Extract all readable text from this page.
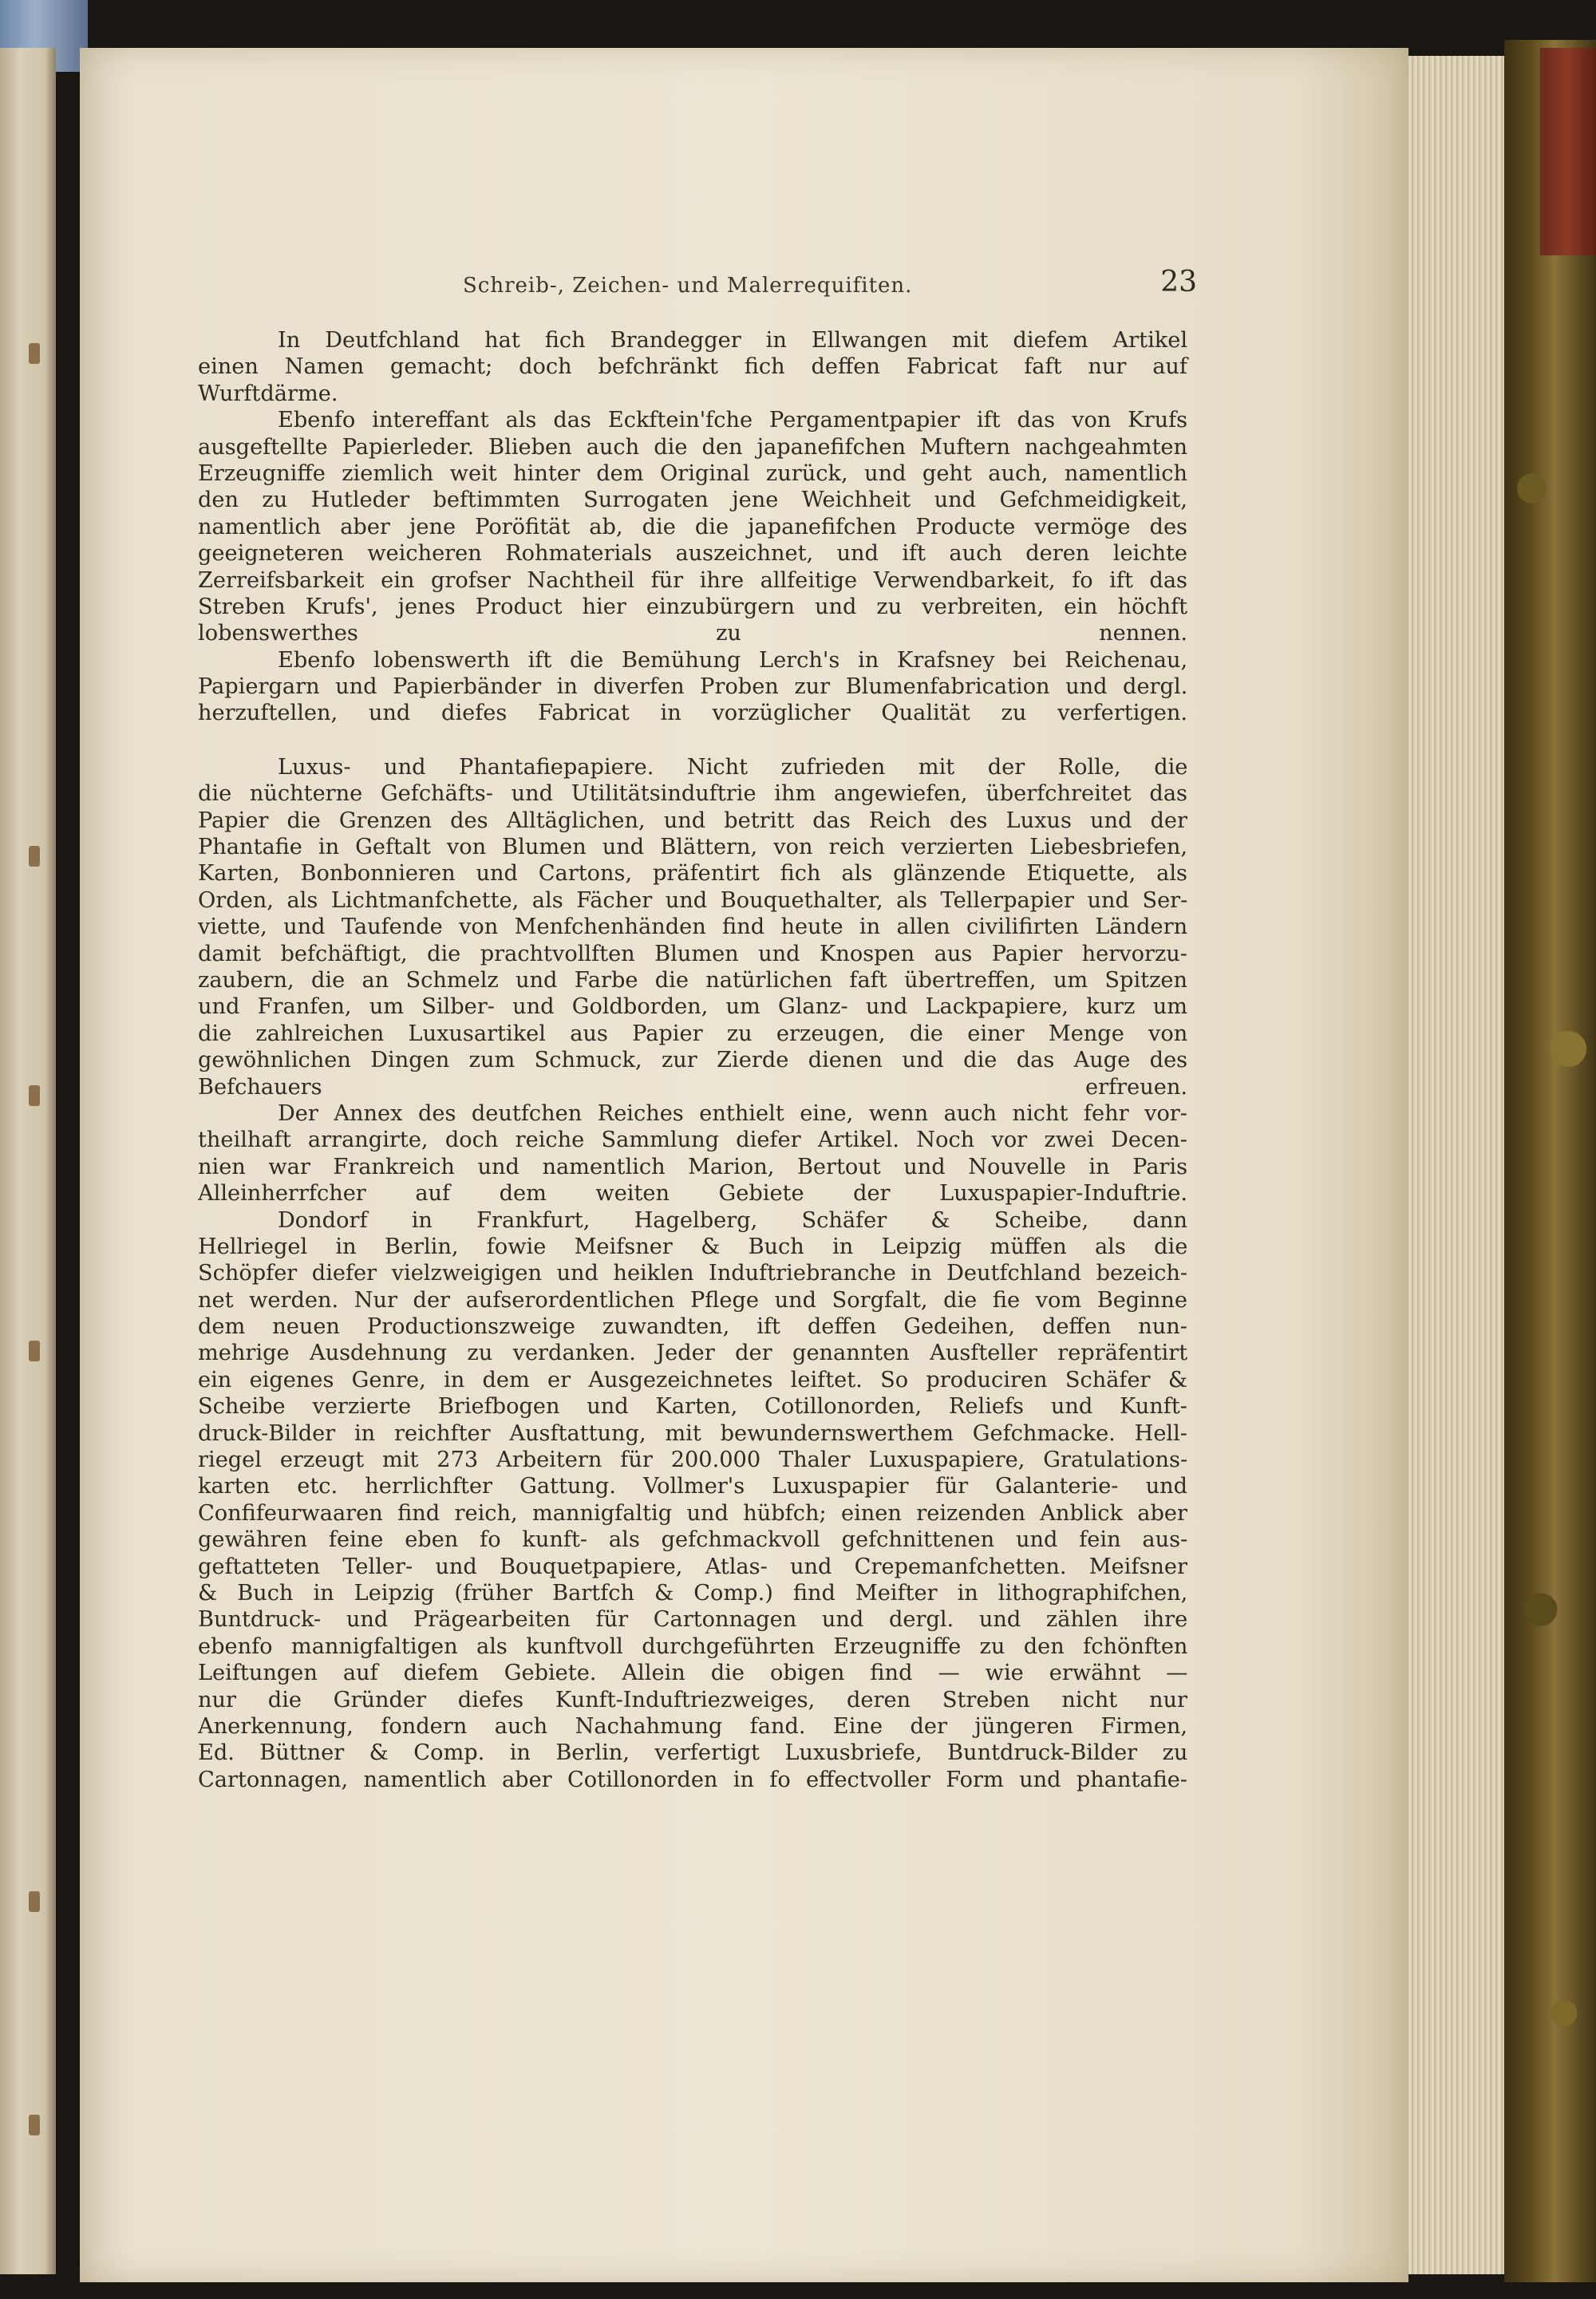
Schreib-, Zeichen- und Malerrequifiten.	23
In Deutfchland hat fich Brandegger in Ellwangen mit diefem Artikel
einen Namen gemacht; doch befchränkt fich deffen Fabricat faft nur auf
Wurftdärme.
Ebenfo intereffant als das Eckftein'fche Pergamentpapier ift das von Krufs
ausgeftellte Papierleder. Blieben auch die den japanefifchen Muftern nachgeahmten
Erzeugniffe ziemlich weit hinter dem Original zurück, und geht auch, namentlich
den zu Hutleder beftimmten Surrogaten jene Weichheit und Gefchmeidigkeit,
namentlich aber jene Poröfität ab, die die japanefifchen Producte vermöge des
geeigneteren weicheren Rohmaterials auszeichnet, und ift auch deren leichte
Zerreifsbarkeit ein grofser Nachtheil für ihre allfeitige Verwendbarkeit, fo ift das
Streben Krufs', jenes Product hier einzubürgern und zu verbreiten, ein höchft
lobenswerthes zu nennen.
Ebenfo lobenswerth ift die Bemühung Lerch's in Krafsney bei Reichenau,
Papiergarn und Papierbänder in diverfen Proben zur Blumenfabrication und dergl.
herzuftellen, und diefes Fabricat in vorzüglicher Qualität zu verfertigen.
Luxus- und Phantafiepapiere. Nicht zufrieden mit der Rolle, die
die nüchterne Gefchäfts- und Utilitätsinduftrie ihm angewiefen, überfchreitet das
Papier die Grenzen des Alltäglichen, und betritt das Reich des Luxus und der
Phantafie in Geftalt von Blumen und Blättern, von reich verzierten Liebesbriefen,
Karten, Bonbonnieren und Cartons, präfentirt fich als glänzende Etiquette, als
Orden, als Lichtmanfchette, als Fächer und Bouquethalter, als Tellerpapier und Ser-
viette, und Taufende von Menfchenhänden find heute in allen civilifirten Ländern
damit befchäftigt, die prachtvollften Blumen und Knospen aus Papier hervorzu-
zaubern, die an Schmelz und Farbe die natürlichen faft übertreffen, um Spitzen
und Franfen, um Silber- und Goldborden, um Glanz- und Lackpapiere, kurz um
die zahlreichen Luxusartikel aus Papier zu erzeugen, die einer Menge von
gewöhnlichen Dingen zum Schmuck, zur Zierde dienen und die das Auge des
Befchauers erfreuen.
Der Annex des deutfchen Reiches enthielt eine, wenn auch nicht fehr vor-
theilhaft arrangirte, doch reiche Sammlung diefer Artikel. Noch vor zwei Decen-
nien war Frankreich und namentlich Marion, Bertout und Nouvelle in Paris
Alleinherrfcher auf dem weiten Gebiete der Luxuspapier-Induftrie.
Dondorf in Frankfurt, Hagelberg, Schäfer & Scheibe, dann
Hellriegel in Berlin, fowie Meifsner & Buch in Leipzig müffen als die
Schöpfer diefer vielzweigigen und heiklen Induftriebranche in Deutfchland bezeich-
net werden. Nur der aufserordentlichen Pflege und Sorgfalt, die fie vom Beginne
dem neuen Productionszweige zuwandten, ift deffen Gedeihen, deffen nun-
mehrige Ausdehnung zu verdanken. Jeder der genannten Ausfteller repräfentirt
ein eigenes Genre, in dem er Ausgezeichnetes leiftet. So produciren Schäfer &
Scheibe verzierte Briefbogen und Karten, Cotillonorden, Reliefs und Kunft-
druck-Bilder in reichfter Ausftattung, mit bewundernswerthem Gefchmacke. Hell-
riegel erzeugt mit 273 Arbeitern für 200.000 Thaler Luxuspapiere, Gratulations-
karten etc. herrlichfter Gattung. Vollmer's Luxuspapier für Galanterie- und
Confifeurwaaren find reich, mannigfaltig und hübfch; einen reizenden Anblick aber
gewähren feine eben fo kunft- als gefchmackvoll gefchnittenen und fein aus-
geftatteten Teller- und Bouquetpapiere, Atlas- und Crepemanfchetten. Meifsner
& Buch in Leipzig (früher Bartfch & Comp.) find Meifter in lithographifchen,
Buntdruck- und Prägearbeiten für Cartonnagen und dergl. und zählen ihre
ebenfo mannigfaltigen als kunftvoll durchgeführten Erzeugniffe zu den fchönften
Leiftungen auf diefem Gebiete. Allein die obigen find — wie erwähnt —
nur die Gründer diefes Kunft-Induftriezweiges, deren Streben nicht nur
Anerkennung, fondern auch Nachahmung fand. Eine der jüngeren Firmen,
Ed. Büttner & Comp. in Berlin, verfertigt Luxusbriefe, Buntdruck-Bilder zu
Cartonnagen, namentlich aber Cotillonorden in fo effectvoller Form und phantafie-
